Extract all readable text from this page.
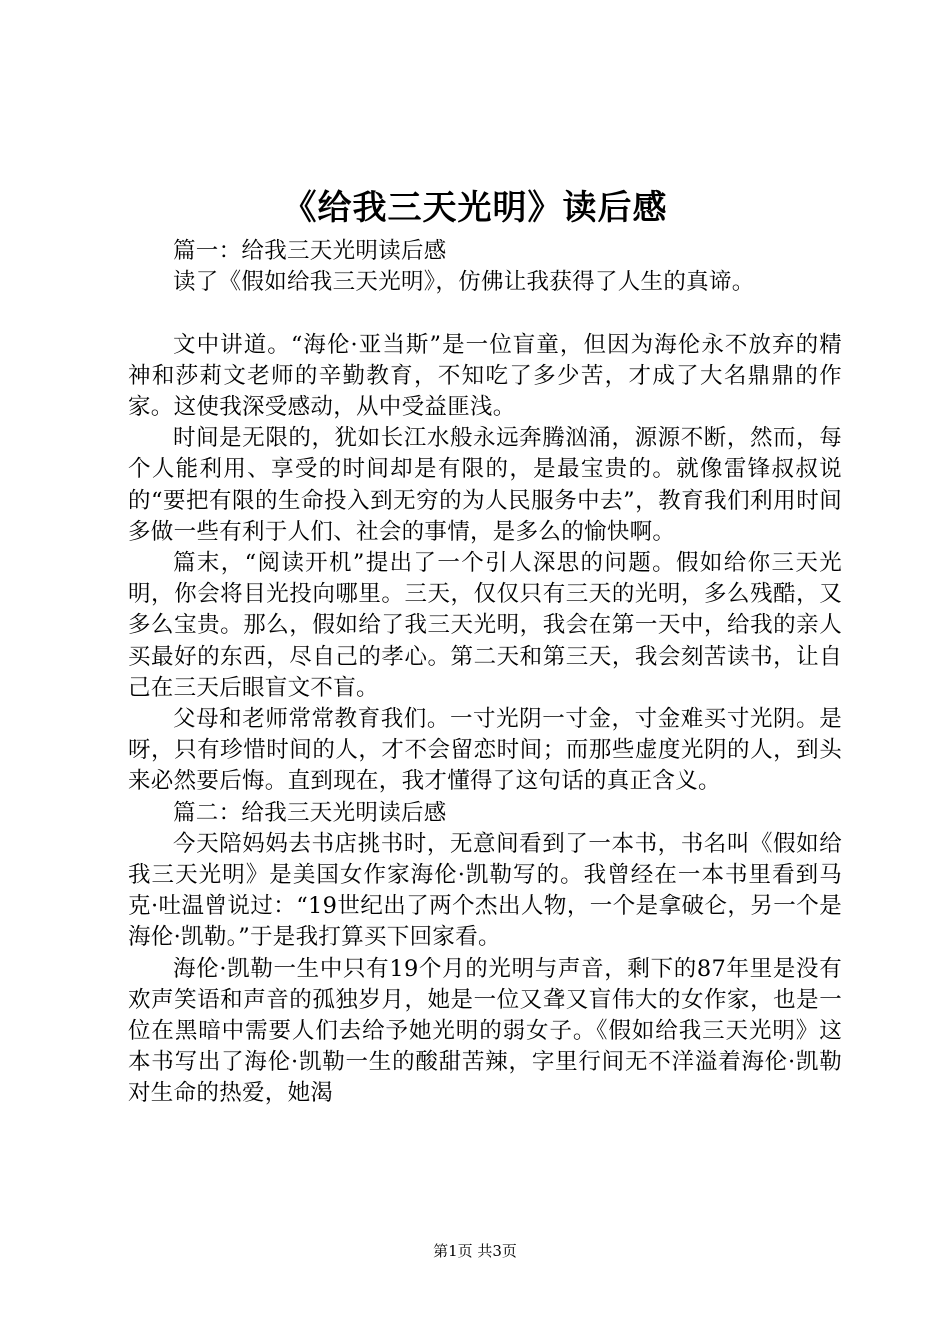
《给我三天光明》读后感

篇一：给我三天光明读后感

读了《假如给我三天光明》，仿佛让我获得了人生的真谛。

文中讲道。“海伦·亚当斯”是一位盲童，但因为海伦永不放弃的精神和莎莉文老师的辛勤教育，不知吃了多少苦，才成了大名鼎鼎的作家。这使我深受感动，从中受益匪浅。

时间是无限的，犹如长江水般永远奔腾汹涌，源源不断，然而，每个人能利用、享受的时间却是有限的，是最宝贵的。就像雷锋叔叔说的“要把有限的生命投入到无穷的为人民服务中去”，教育我们利用时间多做一些有利于人们、社会的事情，是多么的愉快啊。

篇末，“阅读开机”提出了一个引人深思的问题。假如给你三天光明，你会将目光投向哪里。三天，仅仅只有三天的光明，多么残酷，又多么宝贵。那么，假如给了我三天光明，我会在第一天中，给我的亲人买最好的东西，尽自己的孝心。第二天和第三天，我会刻苦读书，让自己在三天后眼盲文不盲。

父母和老师常常教育我们。一寸光阴一寸金，寸金难买寸光阴。是呀，只有珍惜时间的人，才不会留恋时间；而那些虚度光阴的人，到头来必然要后悔。直到现在，我才懂得了这句话的真正含义。

篇二：给我三天光明读后感

今天陪妈妈去书店挑书时，无意间看到了一本书，书名叫《假如给我三天光明》是美国女作家海伦·凯勒写的。我曾经在一本书里看到马克·吐温曾说过：“19世纪出了两个杰出人物，一个是拿破仑，另一个是海伦·凯勒。”于是我打算买下回家看。

海伦·凯勒一生中只有19个月的光明与声音，剩下的87年里是没有欢声笑语和声音的孤独岁月，她是一位又聋又盲伟大的女作家，也是一位在黑暗中需要人们去给予她光明的弱女子。《假如给我三天光明》这本书写出了海伦·凯勒一生的酸甜苦辣，字里行间无不洋溢着海伦·凯勒对生命的热爱，她渴

第1页 共3页
